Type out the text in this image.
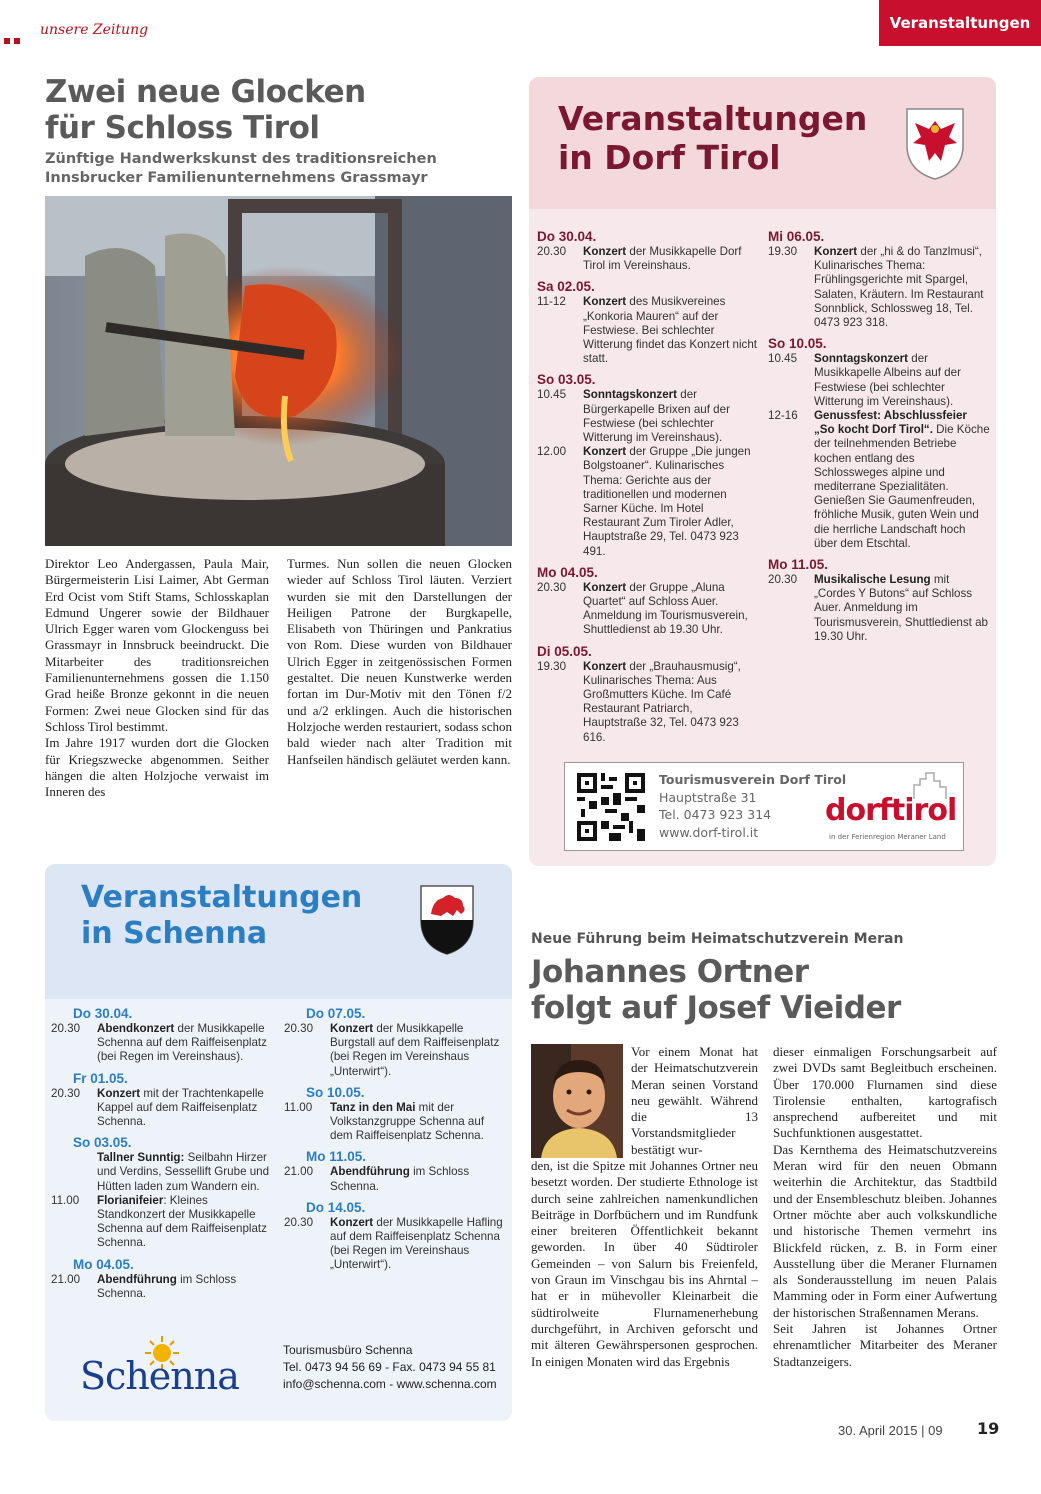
unsere Zeitung	Veranstaltungen
Zwei neue Glocken
für Schloss Tirol
Zünftige Handwerkskunst des traditionsreichen
Innsbrucker Familienunternehmens Grassmayr

Direktor Leo Andergassen, Paula Mair, Bürgermeisterin Lisi Laimer, Abt German Erd Ocist vom Stift Stams, Schlosskaplan Edmund Ungerer sowie der Bildhauer Ulrich Egger waren vom Glockenguss bei Grassmayr in Innsbruck beeindruckt. Die Mitarbeiter des traditionsreichen Familienunternehmens gossen die 1.150 Grad heiße Bronze gekonnt in die neuen Formen: Zwei neue Glocken sind für das Schloss Tirol bestimmt.

Im Jahre 1917 wurden dort die Glocken für Kriegszwecke abgenommen. Seither hängen die alten Holzjoche verwaist im Inneren des

Turmes. Nun sollen die neuen Glocken wieder auf Schloss Tirol läuten. Verziert wurden sie mit den Darstellungen der Heiligen Patrone der Burgkapelle, Elisabeth von Thüringen und Pankratius von Rom. Diese wurden von Bildhauer Ulrich Egger in zeitgenössischen Formen gestaltet. Die neuen Kunstwerke werden fortan im Dur-Motiv mit den Tönen f/2 und a/2 erklingen. Auch die historischen Holzjoche werden restauriert, sodass schon bald wieder nach alter Tradition mit Hanfseilen händisch geläutet werden kann.
Veranstaltungen
in Dorf Tirol
Do 30.04.
20.30	Konzert der Musikkapelle Dorf Tirol im Vereinshaus.
Sa 02.05.
11-12	Konzert des Musikvereines „Konkoria Mauren“ auf der Festwiese. Bei schlechter Witterung findet das Konzert nicht statt.
So 03.05.
10.45	Sonntagskonzert der Bürgerkapelle Brixen auf der Festwiese (bei schlechter Witterung im Vereinshaus).
12.00	Konzert der Gruppe „Die jungen Bolgstoaner“. Kulinarisches Thema: Gerichte aus der traditionellen und modernen Sarner Küche. Im Hotel Restaurant Zum Tiroler Adler, Hauptstraße 29, Tel. 0473 923 491.
Mo 04.05.
20.30	Konzert der Gruppe „Aluna Quartet“ auf Schloss Auer. Anmeldung im Tourismusverein, Shuttledienst ab 19.30 Uhr.
Di 05.05.
19.30	Konzert der „Brauhausmusig“, Kulinarisches Thema: Aus Großmutters Küche. Im Café Restaurant Patriarch, Hauptstraße 32, Tel. 0473 923 616.
Mi 06.05.
19.30	Konzert der „hi & do Tanzlmusi“, Kulinarisches Thema: Frühlingsgerichte mit Spargel, Salaten, Kräutern. Im Restaurant Sonnblick, Schlossweg 18, Tel. 0473 923 318.
So 10.05.
10.45	Sonntagskonzert der Musikkapelle Albeins auf der Festwiese (bei schlechter Witterung im Vereinshaus).
12-16	Genussfest: Abschlussfeier „So kocht Dorf Tirol“. Die Köche der teilnehmenden Betriebe kochen entlang des Schlossweges alpine und mediterrane Spezialitäten. Genießen Sie Gaumenfreuden, fröhliche Musik, guten Wein und die herrliche Landschaft hoch über dem Etschtal.
Mo 11.05.
20.30	Musikalische Lesung mit „Cordes Y Butons“ auf Schloss Auer. Anmeldung im Tourismusverein, Shuttledienst ab 19.30 Uhr.
Tourismusverein Dorf Tirol
Hauptstraße 31
Tel. 0473 923 314
www.dorf-tirol.it
dorftirol
in der Ferienregion Meraner Land
Veranstaltungen
in Schenna
Do 30.04.
20.30	Abendkonzert der Musikkapelle Schenna auf dem Raiffeisenplatz (bei Regen im Vereinshaus).
Fr 01.05.
20.30	Konzert mit der Trachtenkapelle Kappel auf dem Raiffeisenplatz Schenna.
So 03.05.
Tallner Sunntig: Seilbahn Hirzer und Verdins, Sessellift Grube und Hütten laden zum Wandern ein.
11.00	Florianifeier: Kleines Standkonzert der Musikkapelle Schenna auf dem Raiffeisenplatz Schenna.
Mo 04.05.
21.00	Abendführung im Schloss Schenna.
Do 07.05.
20.30	Konzert der Musikkapelle Burgstall auf dem Raiffeisenplatz (bei Regen im Vereinshaus „Unterwirt“).
So 10.05.
11.00	Tanz in den Mai mit der Volkstanzgruppe Schenna auf dem Raiffeisenplatz Schenna.
Mo 11.05.
21.00	Abendführung im Schloss Schenna.
Do 14.05.
20.30	Konzert der Musikkapelle Hafling auf dem Raiffeisenplatz Schenna (bei Regen im Vereinshaus „Unterwirt“).
Schenna
Tourismusbüro Schenna
Tel. 0473 94 56 69 - Fax. 0473 94 55 81
info@schenna.com - www.schenna.com
Neue Führung beim Heimatschutzverein Meran
Johannes Ortner
folgt auf Josef Vieider
Vor einem Monat hat der Heimatschutzverein Meran seinen Vorstand neu gewählt. Während die 13 Vorstandsmitglieder bestätigt wur-
den, ist die Spitze mit Johannes Ortner neu besetzt worden. Der studierte Ethnologe ist durch seine zahlreichen namenkundlichen Beiträge in Dorfbüchern und im Rundfunk einer breiteren Öffentlichkeit bekannt geworden. In über 40 Südtiroler Gemeinden – von Salurn bis Freienfeld, von Graun im Vinschgau bis ins Ahrntal – hat er in mühevoller Kleinarbeit die südtirolweite Flurnamenerhebung durchgeführt, in Archiven geforscht und mit älteren Gewährspersonen gesprochen. In einigen Monaten wird das Ergebnis

dieser einmaligen Forschungsarbeit auf zwei DVDs samt Begleitbuch erscheinen. Über 170.000 Flurnamen sind diese Tirolensie enthalten, kartografisch ansprechend aufbereitet und mit Suchfunktionen ausgestattet.

Das Kernthema des Heimatschutzvereins Meran wird für den neuen Obmann weiterhin die Architektur, das Stadtbild und der Ensembleschutz bleiben. Johannes Ortner möchte aber auch volkskundliche und historische Themen vermehrt ins Blickfeld rücken, z. B. in Form einer Ausstellung über die Meraner Flurnamen als Sonderausstellung im neuen Palais Mamming oder in Form einer Aufwertung der historischen Straßennamen Merans.

Seit Jahren ist Johannes Ortner ehrenamtlicher Mitarbeiter des Meraner Stadtanzeigers.

30. April 2015 | 09 19
